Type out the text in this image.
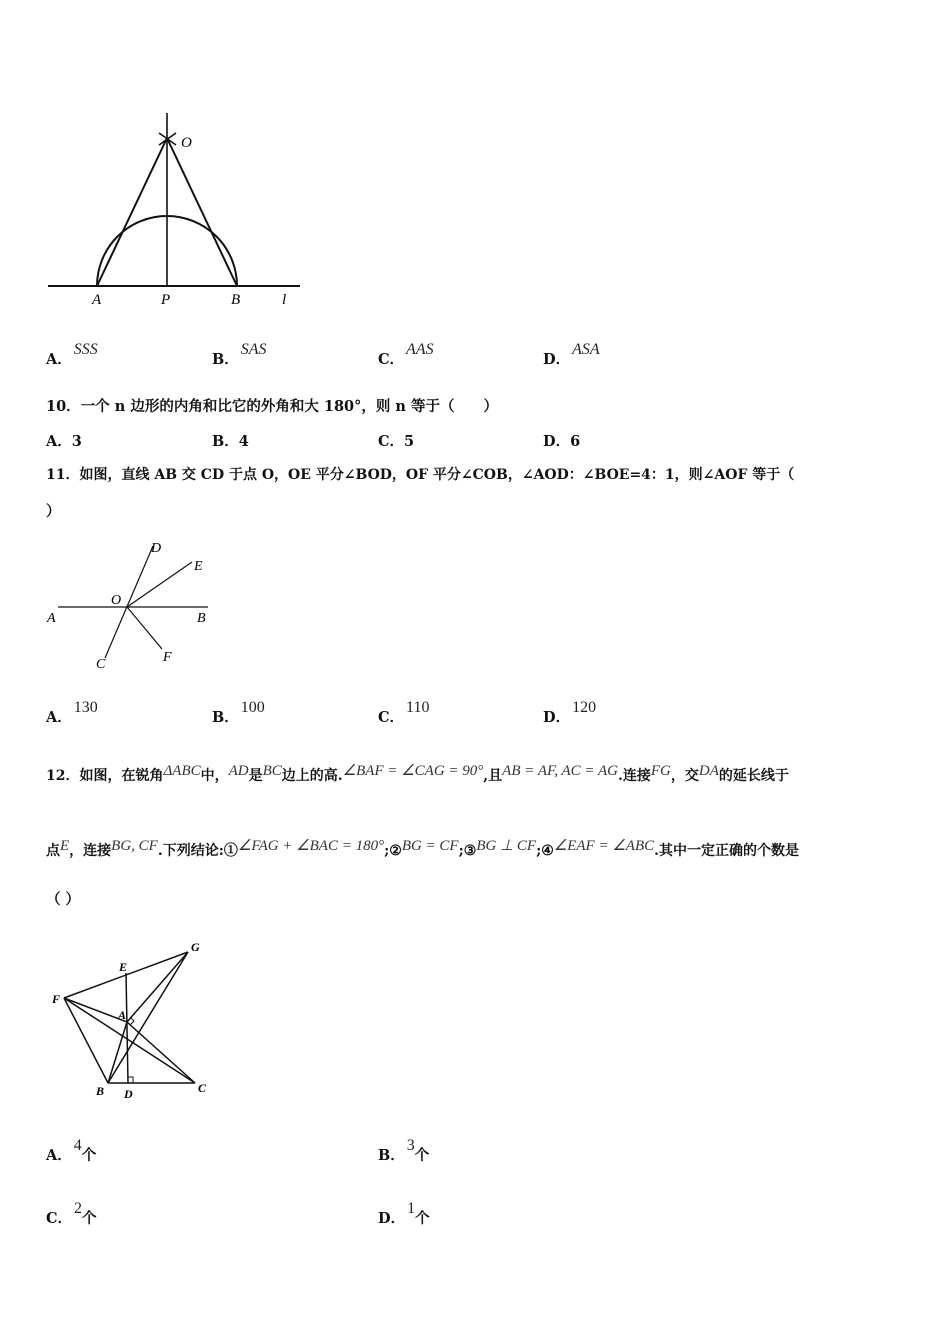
O
A	P	B	l
A．SSS
B．SAS
C．AAS
D．ASA
10．一个 n 边形的内角和比它的外角和大 180°，则 n 等于（　　）
A．3	B．4	C．5	D．6
11．如图，直线 AB 交 CD 于点 O，OE 平分∠BOD，OF 平分∠COB，∠AOD：∠BOE=4：1，则∠AOF 等于（
）
D
E
O
A	B
C	F
A．130
B．100
C．110
D．120
12．如图，在锐角ΔABC中，AD是BC边上的高.∠BAF = ∠CAG = 90°,且AB = AF, AC = AG.连接FG，交DA的延长线于
点E，连接BG, CF.下列结论:①∠FAG + ∠BAC = 180°;②BG = CF;③BG ⊥ CF;④∠EAF = ∠ABC.其中一定正确的个数是
（ ）
G
E
F
A
B D	C
A．4个	B．3个
C．2个	D．1个
